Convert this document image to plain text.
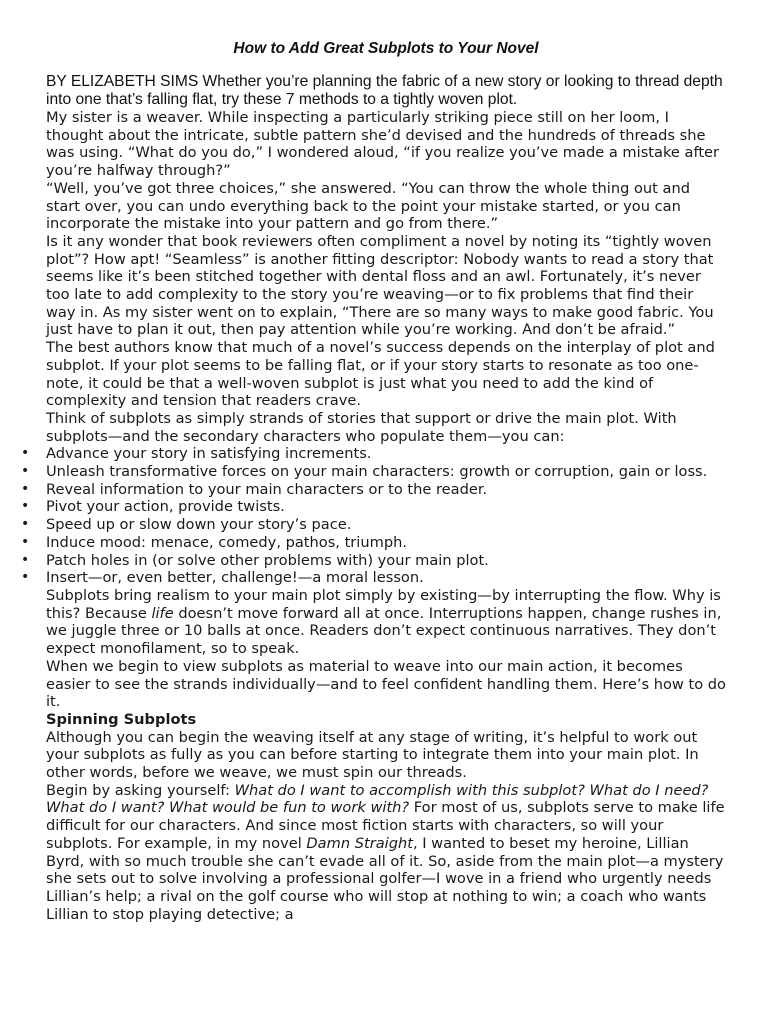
How to Add Great Subplots to Your Novel

BY ELIZABETH SIMS Whether you’re planning the fabric of a new story or looking to thread depth into one that’s falling flat, try these 7 methods to a tightly woven plot.

My sister is a weaver. While inspecting a particularly striking piece still on her loom, I thought about the intricate, subtle pattern she’d devised and the hundreds of threads she was using. “What do you do,” I wondered aloud, “if you realize you’ve made a mistake after you’re halfway through?”

“Well, you’ve got three choices,” she answered. “You can throw the whole thing out and start over, you can undo everything back to the point your mistake started, or you can incorporate the mistake into your pattern and go from there.”

Is it any wonder that book reviewers often compliment a novel by noting its “tightly woven plot”? How apt! “Seamless” is another fitting descriptor: Nobody wants to read a story that seems like it’s been stitched together with dental floss and an awl. Fortunately, it’s never too late to add complexity to the story you’re weaving—or to fix problems that find their way in. As my sister went on to explain, “There are so many ways to make good fabric. You just have to plan it out, then pay attention while you’re working. And don’t be afraid.”

The best authors know that much of a novel’s success depends on the interplay of plot and subplot. If your plot seems to be falling flat, or if your story starts to resonate as too one-note, it could be that a well-woven subplot is just what you need to add the kind of complexity and tension that readers crave.

Think of subplots as simply strands of stories that support or drive the main plot. With subplots—and the secondary characters who populate them—you can:

• Advance your story in satisfying increments.
• Unleash transformative forces on your main characters: growth or corruption, gain or loss.
• Reveal information to your main characters or to the reader.
• Pivot your action, provide twists.
• Speed up or slow down your story’s pace.
• Induce mood: menace, comedy, pathos, triumph.
• Patch holes in (or solve other problems with) your main plot.
• Insert—or, even better, challenge!—a moral lesson.

Subplots bring realism to your main plot simply by existing—by interrupting the flow. Why is this? Because life doesn’t move forward all at once. Interruptions happen, change rushes in, we juggle three or 10 balls at once. Readers don’t expect continuous narratives. They don’t expect monofilament, so to speak.

When we begin to view subplots as material to weave into our main action, it becomes easier to see the strands individually—and to feel confident handling them. Here’s how to do it.

Spinning Subplots

Although you can begin the weaving itself at any stage of writing, it’s helpful to work out your subplots as fully as you can before starting to integrate them into your main plot. In other words, before we weave, we must spin our threads.

Begin by asking yourself: What do I want to accomplish with this subplot? What do I need? What do I want? What would be fun to work with? For most of us, subplots serve to make life difficult for our characters. And since most fiction starts with characters, so will your subplots. For example, in my novel Damn Straight, I wanted to beset my heroine, Lillian Byrd, with so much trouble she can’t evade all of it. So, aside from the main plot—a mystery she sets out to solve involving a professional golfer—I wove in a friend who urgently needs Lillian’s help; a rival on the golf course who will stop at nothing to win; a coach who wants Lillian to stop playing detective; a
